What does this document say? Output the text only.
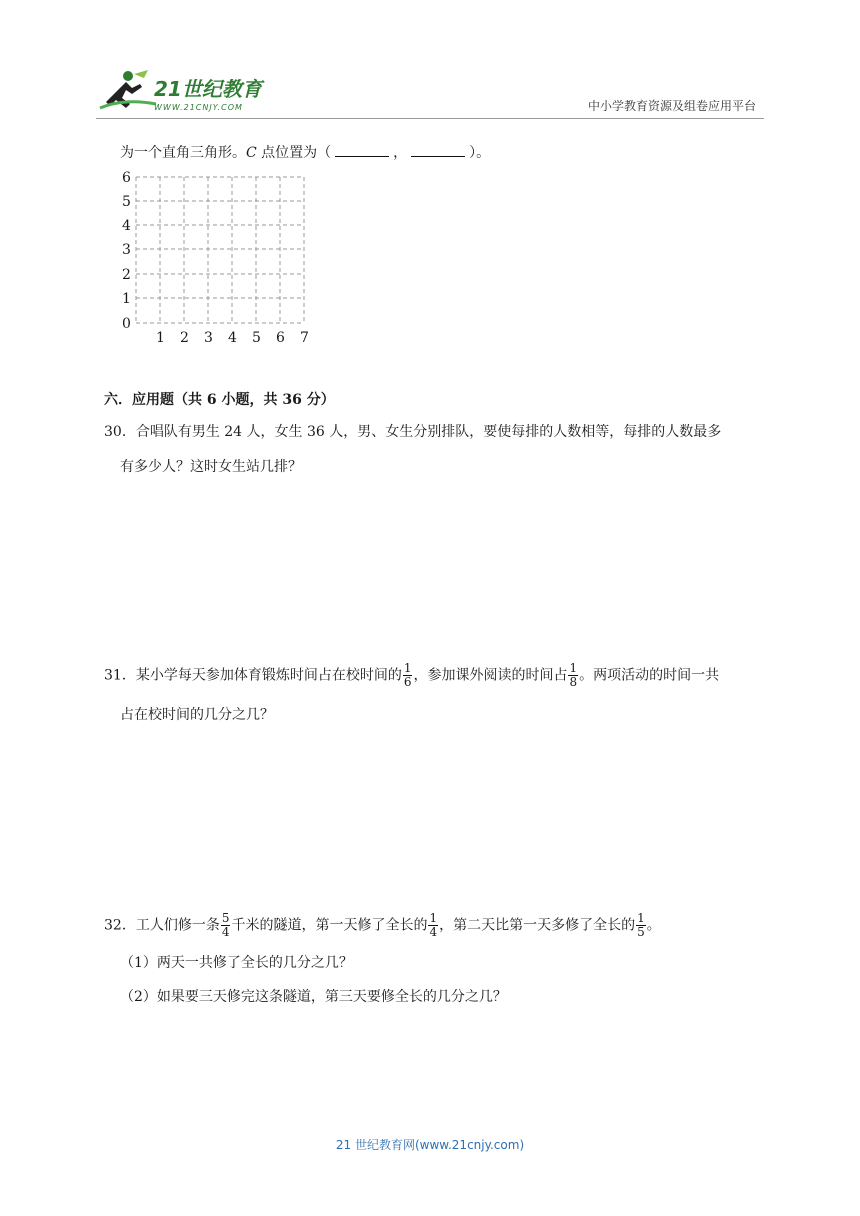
21世纪教育
WWW.21CNJY.COM	中小学教育资源及组卷应用平台
为一个直角三角形。C 点位置为（	，	）。
6
5
4
3
2
1
0
1 2 3 4 5 6 7
六．应用题（共 6 小题，共 36 分）
30．合唱队有男生 24 人，女生 36 人，男、女生分别排队，要使每排的人数相等，每排的人数最多
有多少人？这时女生站几排？
31．某小学每天参加体育锻炼时间占在校时间的 $\frac{1}{6}$ ，参加课外阅读的时间占 $\frac{1}{8}$ 。两项活动的时间一共
占在校时间的几分之几？
32．工人们修一条 $\frac{5}{4}$ 千米的隧道，第一天修了全长的 $\frac{1}{4}$ ，第二天比第一天多修了全长的 $\frac{1}{5}$ 。
（1）两天一共修了全长的几分之几？
（2）如果要三天修完这条隧道，第三天要修全长的几分之几？
21 世纪教育网(www.21cnjy.com)
